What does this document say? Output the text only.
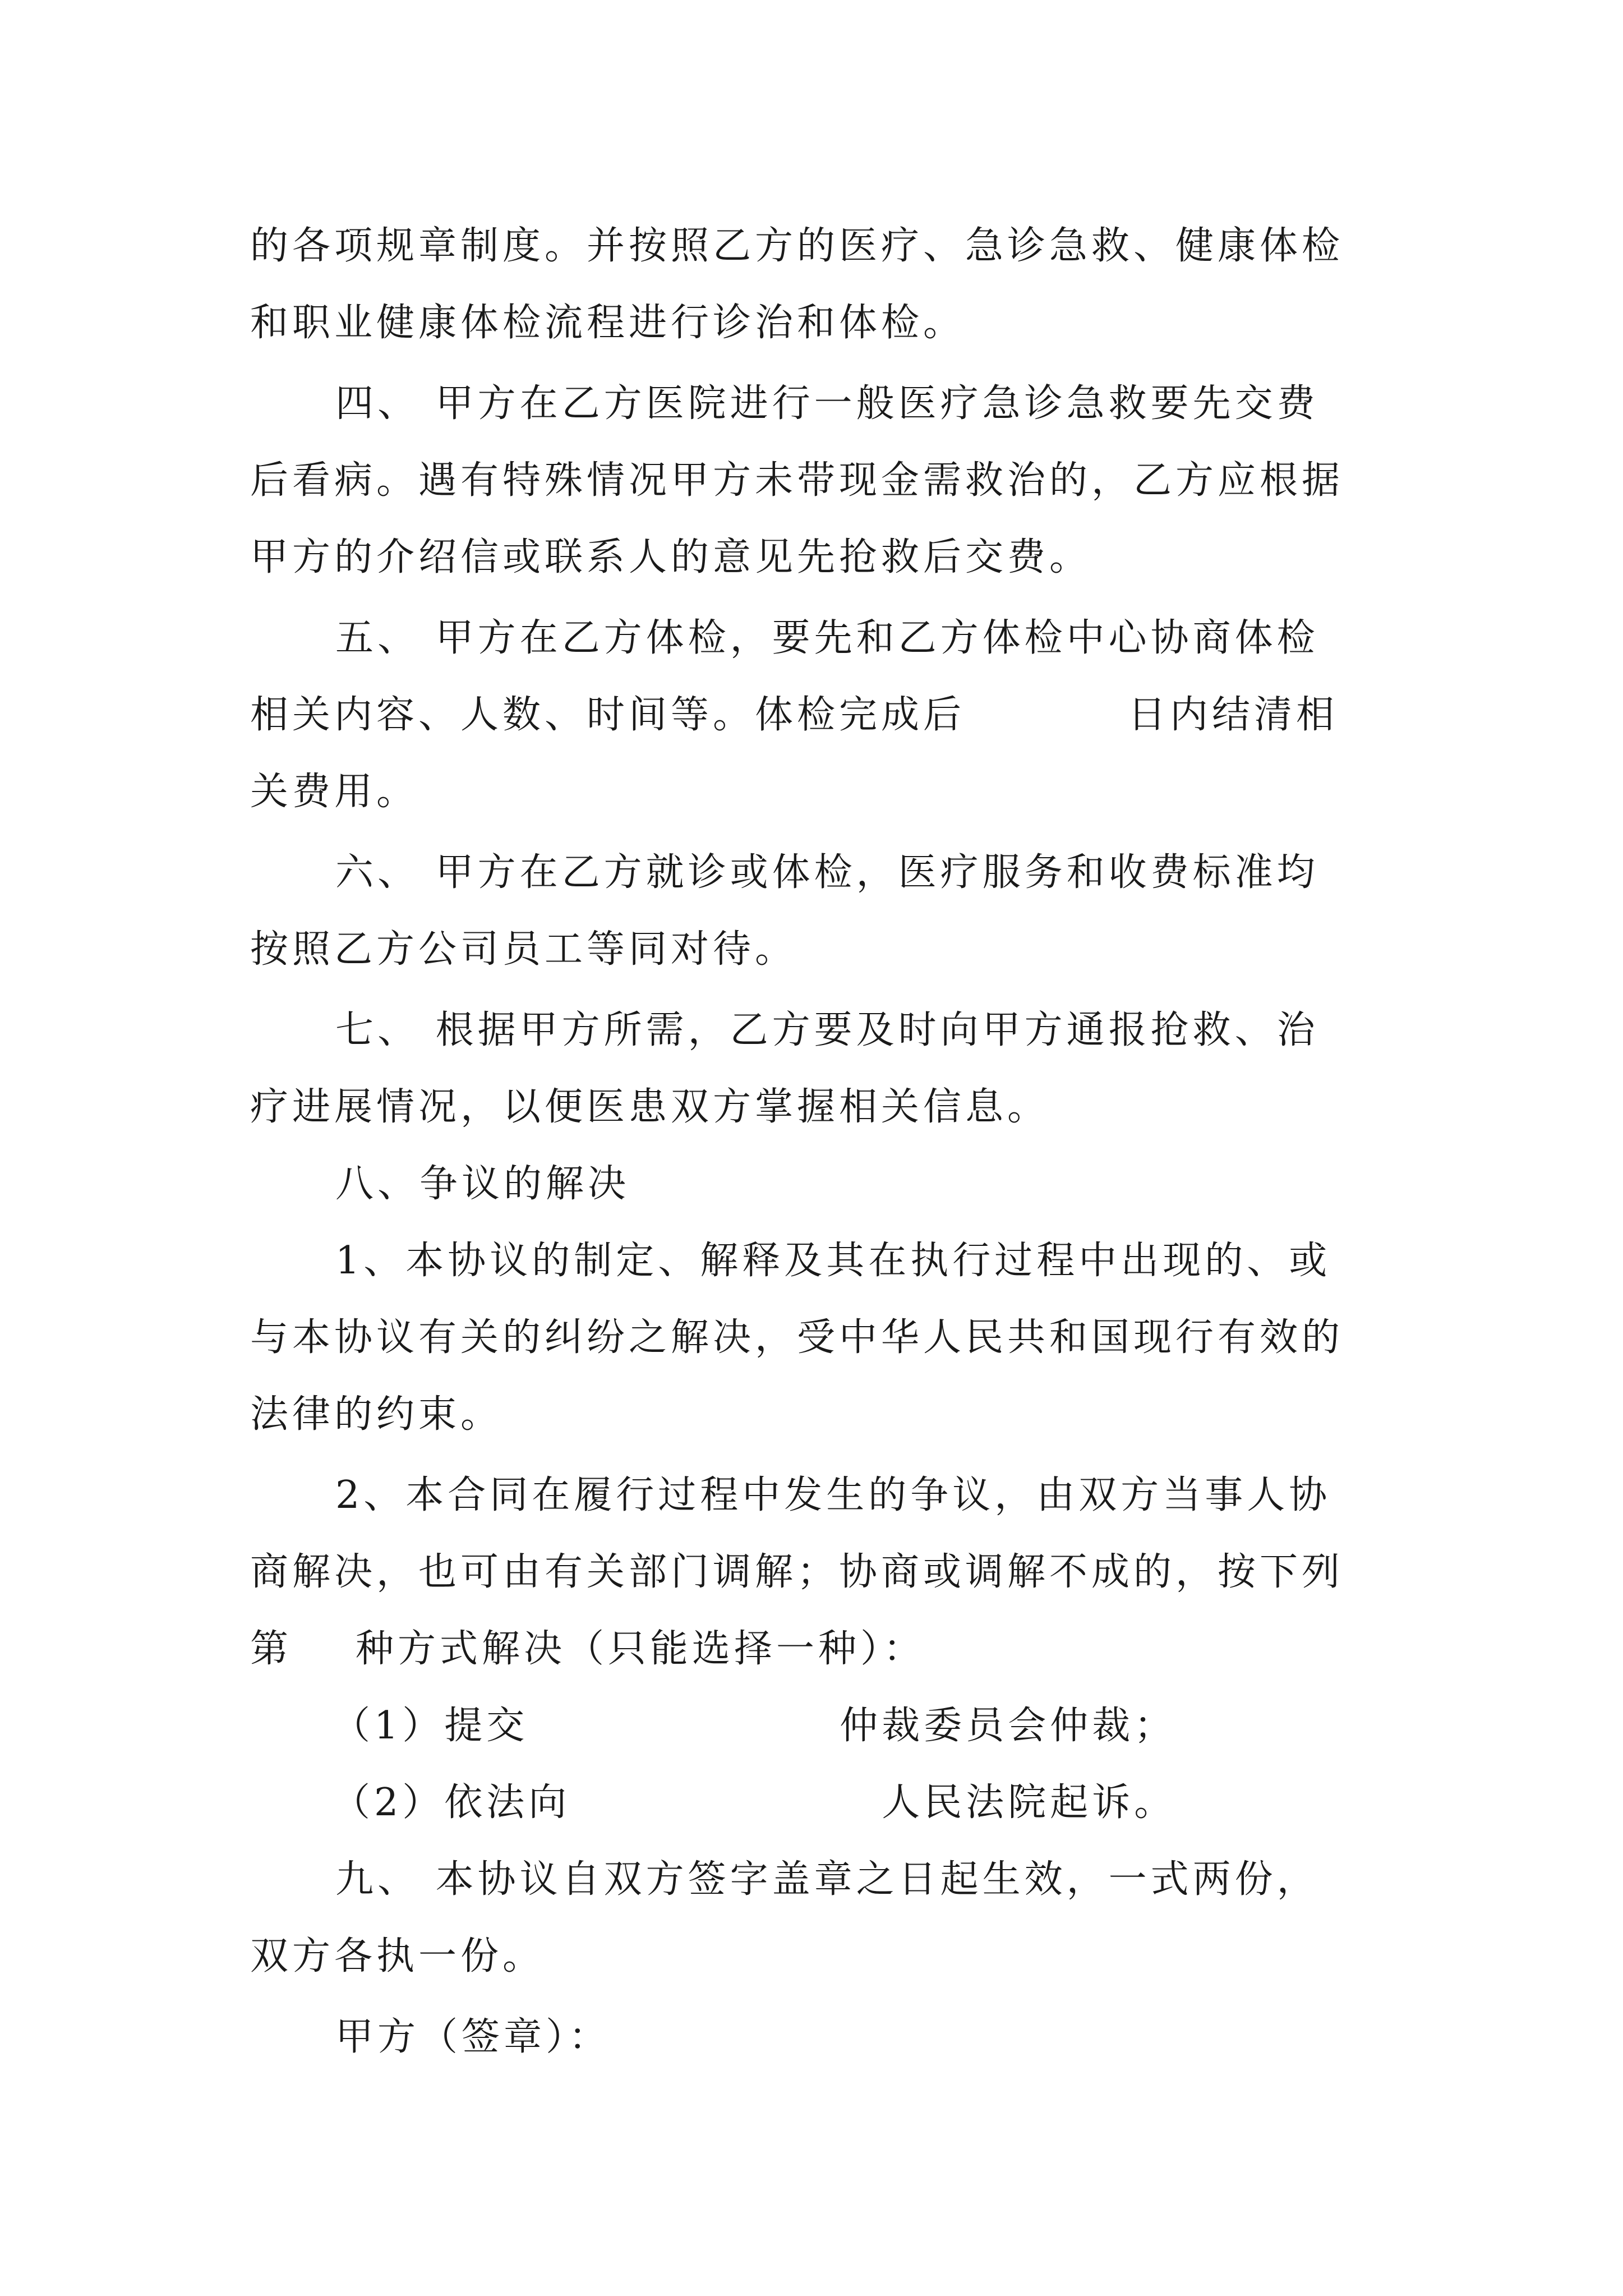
的各项规章制度。并按照乙方的医疗、急诊急救、健康体检
和职业健康体检流程进行诊治和体检。
四、 甲方在乙方医院进行一般医疗急诊急救要先交费
后看病。遇有特殊情况甲方未带现金需救治的，乙方应根据
甲方的介绍信或联系人的意见先抢救后交费。
五、 甲方在乙方体检，要先和乙方体检中心协商体检
相关内容、人数、时间等。体检完成后	日内结清相
关费用。
六、 甲方在乙方就诊或体检，医疗服务和收费标准均
按照乙方公司员工等同对待。
七、 根据甲方所需，乙方要及时向甲方通报抢救、治
疗进展情况，以便医患双方掌握相关信息。
八、争议的解决
1、本协议的制定、解释及其在执行过程中出现的、或
与本协议有关的纠纷之解决，受中华人民共和国现行有效的
法律的约束。
2、本合同在履行过程中发生的争议，由双方当事人协
商解决，也可由有关部门调解；协商或调解不成的，按下列
第 种方式解决（只能选择一种）：
（1）提交	仲裁委员会仲裁；
（2）依法向	人民法院起诉。
九、 本协议自双方签字盖章之日起生效，一式两份，
双方各执一份。
甲方（签章）：
